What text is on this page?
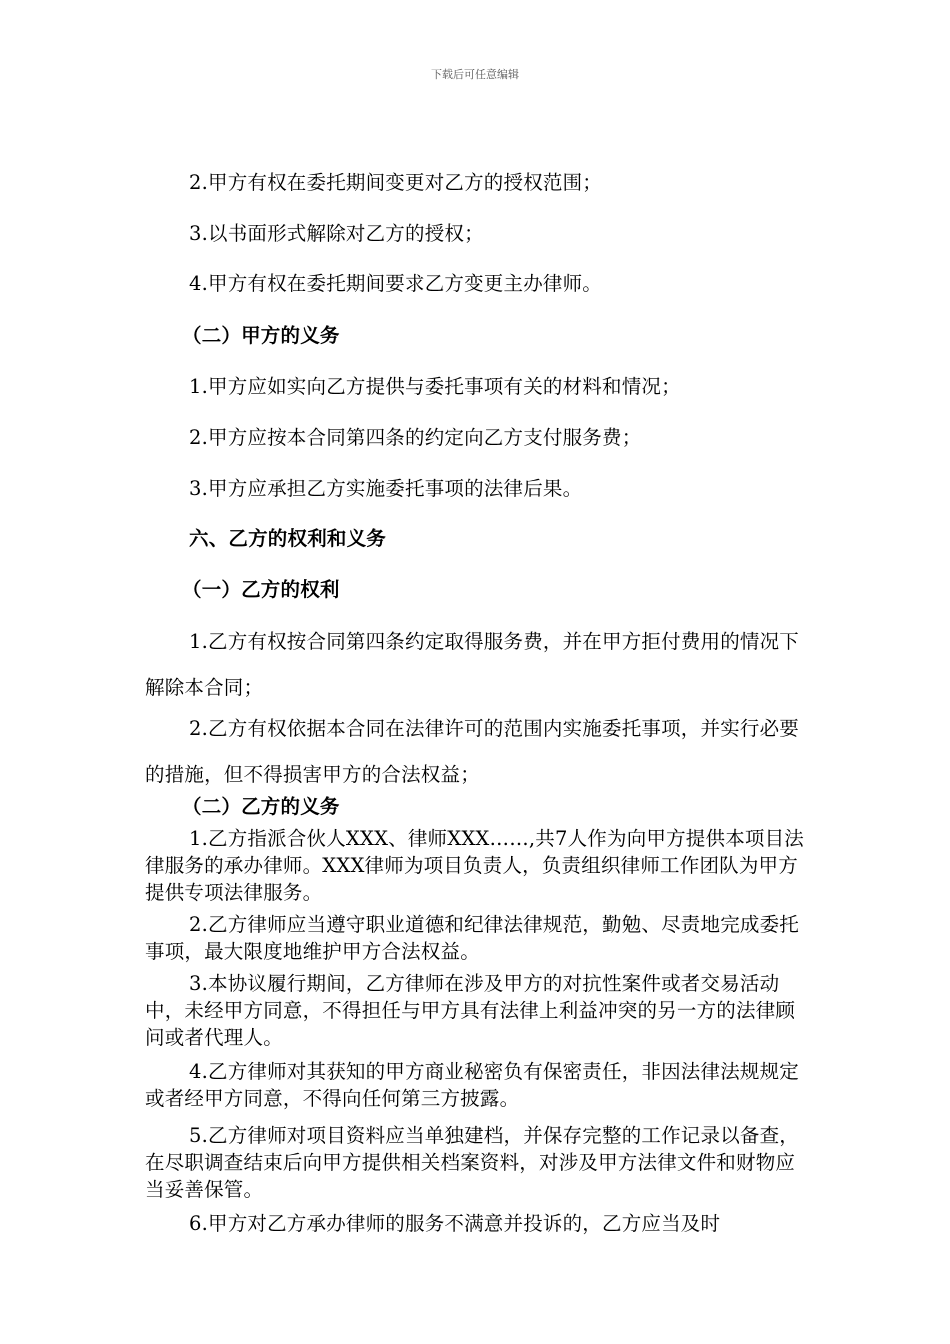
下载后可任意编辑
2.甲方有权在委托期间变更对乙方的授权范围；
3.以书面形式解除对乙方的授权；
4.甲方有权在委托期间要求乙方变更主办律师。
（二）甲方的义务
1.甲方应如实向乙方提供与委托事项有关的材料和情况；
2.甲方应按本合同第四条的约定向乙方支付服务费；
3.甲方应承担乙方实施委托事项的法律后果。
六、乙方的权利和义务
（一）乙方的权利
1.乙方有权按合同第四条约定取得服务费，并在甲方拒付费用的情况下解除本合同；
2.乙方有权依据本合同在法律许可的范围内实施委托事项，并实行必要的措施，但不得损害甲方的合法权益；
（二）乙方的义务
1.乙方指派合伙人XXX、律师XXX……,共7人作为向甲方提供本项目法律服务的承办律师。XXX律师为项目负责人，负责组织律师工作团队为甲方提供专项法律服务。
2.乙方律师应当遵守职业道德和纪律法律规范，勤勉、尽责地完成委托事项，最大限度地维护甲方合法权益。
3.本协议履行期间，乙方律师在涉及甲方的对抗性案件或者交易活动中，未经甲方同意，不得担任与甲方具有法律上利益冲突的另一方的法律顾问或者代理人。
4.乙方律师对其获知的甲方商业秘密负有保密责任，非因法律法规规定或者经甲方同意，不得向任何第三方披露。
5.乙方律师对项目资料应当单独建档，并保存完整的工作记录以备查，在尽职调查结束后向甲方提供相关档案资料，对涉及甲方法律文件和财物应当妥善保管。
6.甲方对乙方承办律师的服务不满意并投诉的，乙方应当及时
